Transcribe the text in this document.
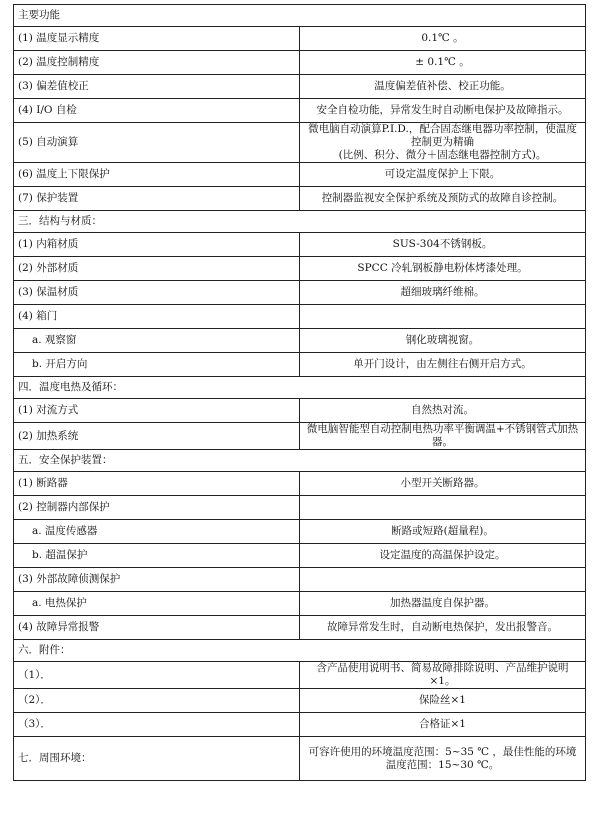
主要功能	
(1) 温度显示精度	0.1℃ 。
(2) 温度控制精度	± 0.1℃ 。
(3) 偏差值校正	温度偏差值补偿、校正功能。
(4) I/O 自检	安全自检功能，异常发生时自动断电保护及故障指示。
(5) 自动演算	微电脑自动演算P.I.D.，配合固态继电器功率控制，使温度控制更为精确
(比例、积分、微分＋固态继电器控制方式)。

(6) 温度上下限保护	可设定温度保护上下限。
(7) 保护装置	控制器监视安全保护系统及预防式的故障自诊控制。
三．结构与材质：	
(1) 内箱材质	SUS-304不锈钢板。
(2) 外部材质	SPCC 冷轧钢板静电粉体烤漆处理。
(3) 保温材质	超细玻璃纤维棉。
(4) 箱门	
a. 观察窗	钢化玻璃视窗。
b. 开启方向	单开门设计，由左侧往右侧开启方式。
四．温度电热及循环：	
(1) 对流方式	自然热对流。
(2) 加热系统	微电脑智能型自动控制电热功率平衡调温+不锈钢管式加热器。
五．安全保护装置：	
(1) 断路器	小型开关断路器。
(2) 控制器内部保护	
a. 温度传感器	断路或短路(超量程)。
b. 超温保护	设定温度的高温保护设定。
(3) 外部故障侦测保护	
a. 电热保护	加热器温度自保护器。
(4) 故障异常报警	故障异常发生时，自动断电热保护，发出报警音。
六．附件：	
（1）．	含产品使用说明书、简易故障排除说明、产品维护说明×1。
（2）．	保险丝×1
（3）．	合格证×1
七．周围环境：	可容许使用的环境温度范围：5~35 ℃ ，最佳性能的环境温度范围：15~30 ℃。
